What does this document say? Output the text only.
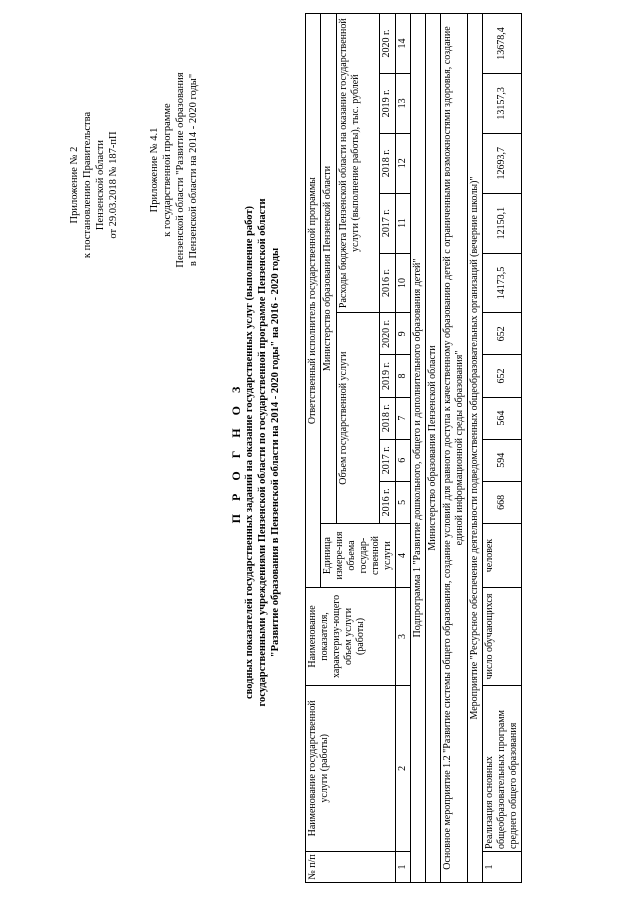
Приложение № 2 к постановлению Правительства Пензенской области от 29.03.2018 № 187-пП	Приложение № 4.1 к государственной программе Пензенской области "Развитие образования в Пензенской области на 2014 - 2020 годы"
П Р О Г Н О З сводных показателей государственных заданий на оказание государственных услуг (выполнение работ) государственными учреждениями Пензенской области по государственной программе Пензенской области "Развитие образования в Пензенской области на 2014 - 2020 годы" на 2016 - 2020 годы
№ п/п	Наименование государственной услуги (работы)	Наименование показателя, характеризу-ющего объем услуги (работы)	Ответственный исполнитель государственной программы										
			Единица измере-ния объема государ-ственной услуги	Министерство образования Пензенской области									
				Объем государственной услуги					Расходы бюджета Пензенской области на оказание государственной услуги (выполнение работы), тыс. рублей				
				2016 г.	2017 г.	2018 г.	2019 г.	2020 г.	2016 г.	2017 г.	2018 г.	2019 г.	2020 г.
1	2	3	4	5	6	7	8	9	10	11	12	13	14
Подпрограмма 1 "Развитие дошкольного, общего и дополнительного образования детей"													
Министерство образования Пензенской области													
Основное мероприятие 1.2 "Развитие системы общего образования, создание условий для равного доступа к качественному образованию детей с ограниченными возможностями здоровья, создание единой информационной среды образования"													
Мероприятие "Ресурсное обеспечение деятельности подведомственных общеобразовательных организаций (вечерние школы)"													
1	Реализация основных общеобразовательных программ среднего общего образования	число обучающихся	человек	668	594	564	652	652	14173,5	12150,1	12693,7	13157,3	13678,4
